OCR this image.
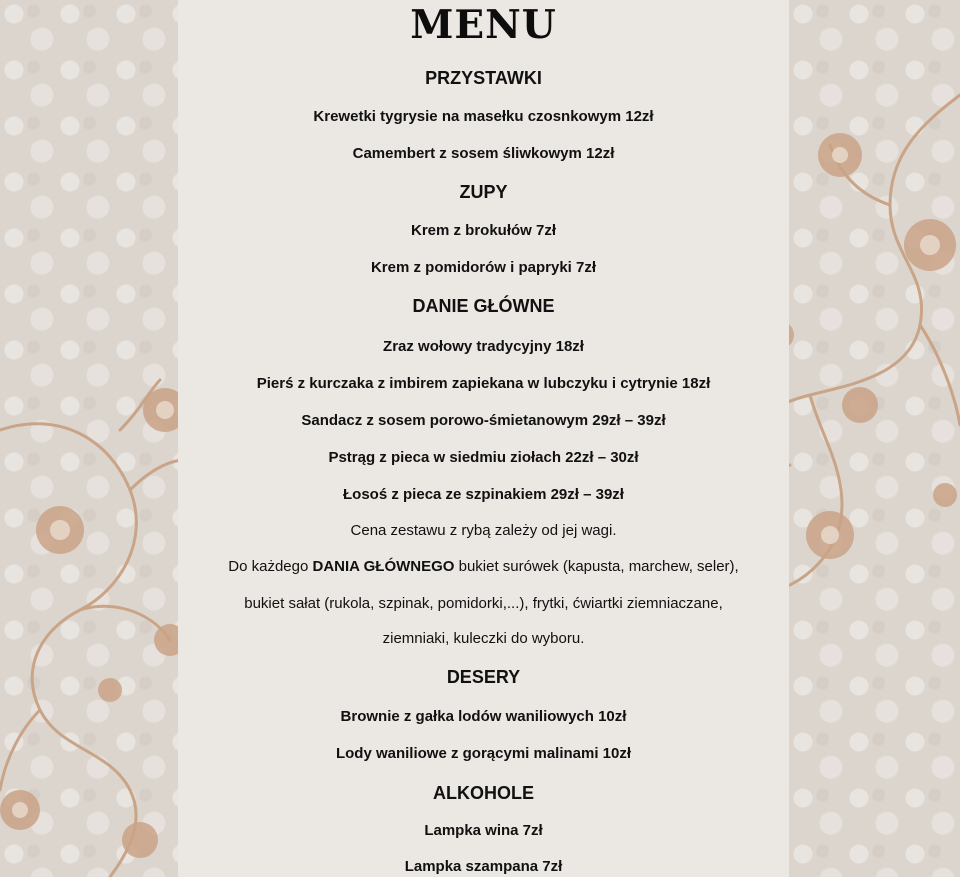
MENU
PRZYSTAWKI
Krewetki tygrysie na masełku czosnkowym 12zł
Camembert z sosem śliwkowym 12zł
ZUPY
Krem z brokułów 7zł
Krem z pomidorów i papryki 7zł
DANIE GŁÓWNE
Zraz wołowy tradycyjny 18zł
Pierś z kurczaka z imbirem zapiekana w lubczyku i cytrynie 18zł
Sandacz z sosem porowo-śmietanowym 29zł – 39zł
Pstrąg z pieca w siedmiu ziołach 22zł – 30zł
Łosoś z pieca ze szpinakiem 29zł – 39zł
Cena zestawu z rybą zależy od jej wagi.
Do każdego DANIA GŁÓWNEGO bukiet surówek (kapusta, marchew, seler),
bukiet sałat (rukola, szpinak, pomidorki,...), frytki, ćwiartki ziemniaczane,
ziemniaki, kuleczki do wyboru.
DESERY
Brownie z gałka lodów waniliowych 10zł
Lody waniliowe z gorącymi malinami 10zł
ALKOHOLE
Lampka wina 7zł
Lampka szampana 7zł
